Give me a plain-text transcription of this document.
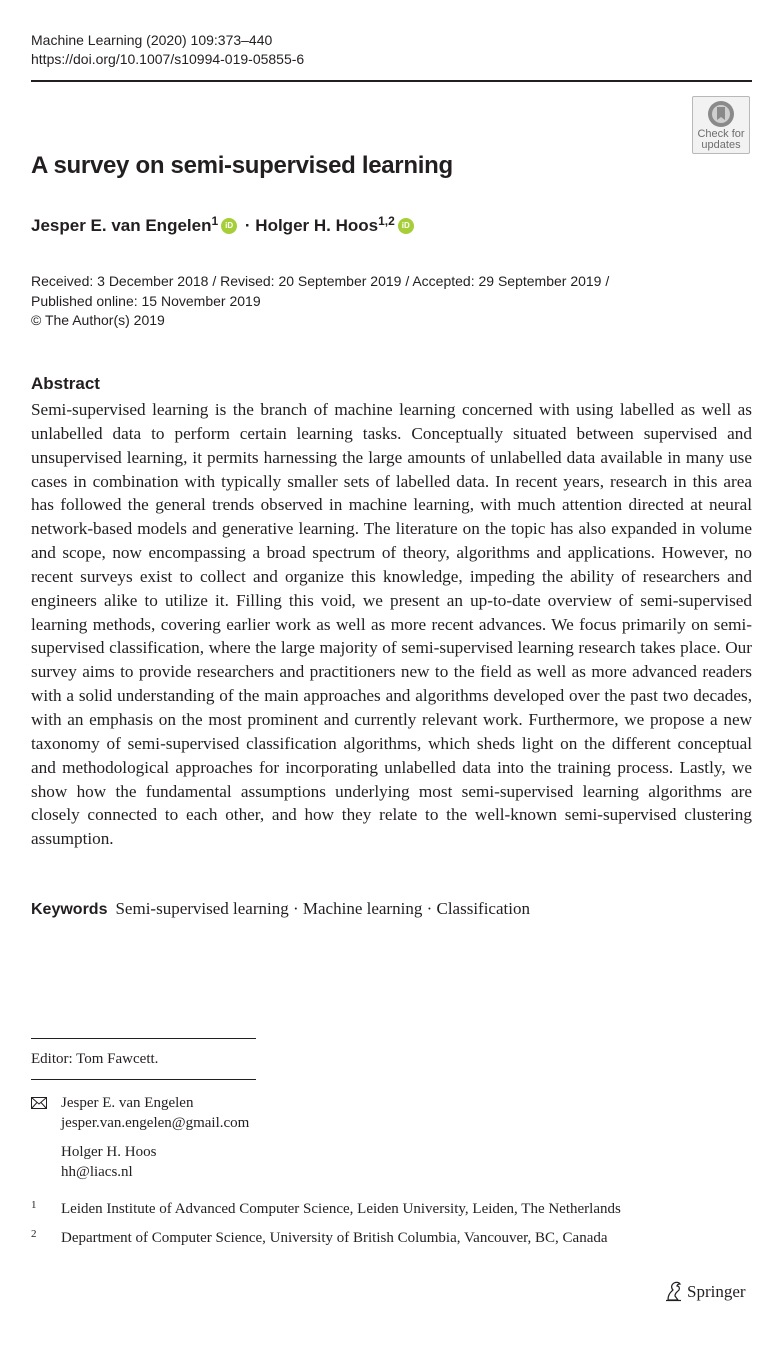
Machine Learning (2020) 109:373–440
https://doi.org/10.1007/s10994-019-05855-6
Check for
updates
A survey on semi-supervised learning
Jesper E. van Engelen$^1$ iD · Holger H. Hoos$^{1,2}$ iD
Received: 3 December 2018 / Revised: 20 September 2019 / Accepted: 29 September 2019 /
Published online: 15 November 2019
© The Author(s) 2019
Abstract
Semi-supervised learning is the branch of machine learning concerned with using labelled as well as unlabelled data to perform certain learning tasks. Conceptually situated between supervised and unsupervised learning, it permits harnessing the large amounts of unlabelled data available in many use cases in combination with typically smaller sets of labelled data. In recent years, research in this area has followed the general trends observed in machine learning, with much attention directed at neural network-based models and generative learning. The literature on the topic has also expanded in volume and scope, now encompassing a broad spectrum of theory, algorithms and applications. However, no recent surveys exist to collect and organize this knowledge, impeding the ability of researchers and engineers alike to utilize it. Filling this void, we present an up-to-date overview of semi-supervised learning methods, covering earlier work as well as more recent advances. We focus primarily on semi-supervised classification, where the large majority of semi-supervised learning research takes place. Our survey aims to provide researchers and practitioners new to the field as well as more advanced readers with a solid understanding of the main approaches and algorithms developed over the past two decades, with an emphasis on the most prominent and currently relevant work. Furthermore, we propose a new taxonomy of semi-supervised classification algorithms, which sheds light on the different conceptual and methodological approaches for incorporating unlabelled data into the training process. Lastly, we show how the fundamental assumptions underlying most semi-supervised learning algorithms are closely connected to each other, and how they relate to the well-known semi-supervised clustering assumption.
Keywords Semi-supervised learning · Machine learning · Classification
Editor: Tom Fawcett.
Jesper E. van Engelen
jesper.van.engelen@gmail.com
Holger H. Hoos
hh@liacs.nl
1 Leiden Institute of Advanced Computer Science, Leiden University, Leiden, The Netherlands
2 Department of Computer Science, University of British Columbia, Vancouver, BC, Canada
Springer
